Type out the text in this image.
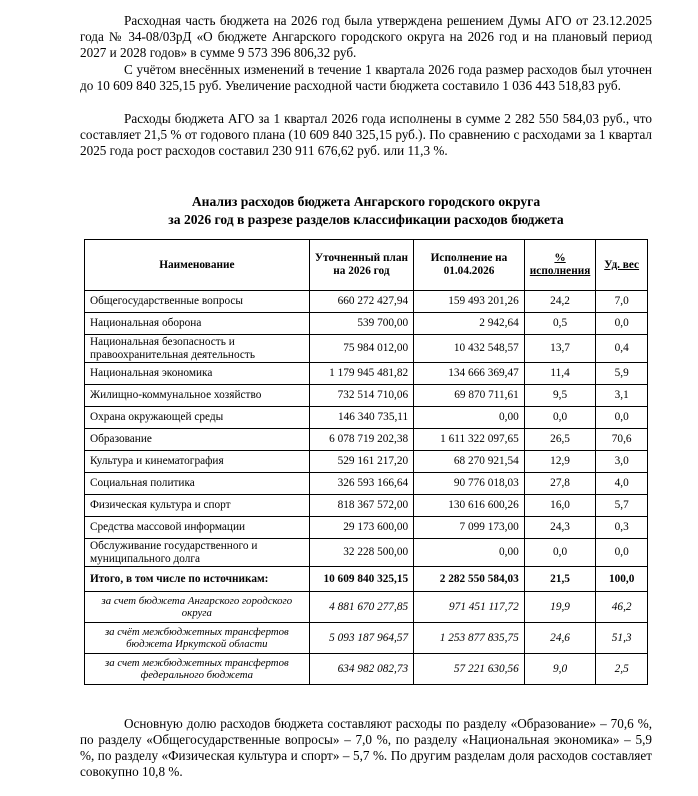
Расходная часть бюджета на 2026 год была утверждена решением Думы АГО от 23.12.2025 года № 34-08/03рД «О бюджете Ангарского городского округа на 2026 год и на плановый период 2027 и 2028 годов» в сумме 9 573 396 806,32 руб.
С учётом внесённых изменений в течение 1 квартала 2026 года размер расходов был уточнен до 10 609 840 325,15 руб. Увеличение расходной части бюджета составило 1 036 443 518,83 руб.
Расходы бюджета АГО за 1 квартал 2026 года исполнены в сумме 2 282 550 584,03 руб., что составляет 21,5 % от годового плана (10 609 840 325,15 руб.). По сравнению с расходами за 1 квартал 2025 года рост расходов составил 230 911 676,62 руб. или 11,3 %.
Анализ расходов бюджета Ангарского городского округа
за 2026 год в разрезе разделов классификации расходов бюджета
Наименование	Уточненный план на 2026 год	Исполнение на 01.04.2026	% исполнения	Уд. вес
Общегосударственные вопросы	660 272 427,94	159 493 201,26	24,2	7,0
Национальная оборона	539 700,00	2 942,64	0,5	0,0
Национальная безопасность и правоохранительная деятельность	75 984 012,00	10 432 548,57	13,7	0,4
Национальная экономика	1 179 945 481,82	134 666 369,47	11,4	5,9
Жилищно-коммунальное хозяйство	732 514 710,06	69 870 711,61	9,5	3,1
Охрана окружающей среды	146 340 735,11	0,00	0,0	0,0
Образование	6 078 719 202,38	1 611 322 097,65	26,5	70,6
Культура и кинематография	529 161 217,20	68 270 921,54	12,9	3,0
Социальная политика	326 593 166,64	90 776 018,03	27,8	4,0
Физическая культура и спорт	818 367 572,00	130 616 600,26	16,0	5,7
Средства массовой информации	29 173 600,00	7 099 173,00	24,3	0,3
Обслуживание государственного и муниципального долга	32 228 500,00	0,00	0,0	0,0
Итого, в том числе по источникам:	10 609 840 325,15	2 282 550 584,03	21,5	100,0
за счет бюджета Ангарского городского округа	4 881 670 277,85	971 451 117,72	19,9	46,2
за счёт межбюджетных трансфертов бюджета Иркутской области	5 093 187 964,57	1 253 877 835,75	24,6	51,3
за счет межбюджетных трансфертов федерального бюджета	634 982 082,73	57 221 630,56	9,0	2,5
Основную долю расходов бюджета составляют расходы по разделу «Образование» – 70,6 %, по разделу «Общегосударственные вопросы» – 7,0 %, по разделу «Национальная экономика» – 5,9 %, по разделу «Физическая культура и спорт» – 5,7 %. По другим разделам доля расходов составляет совокупно 10,8 %.
